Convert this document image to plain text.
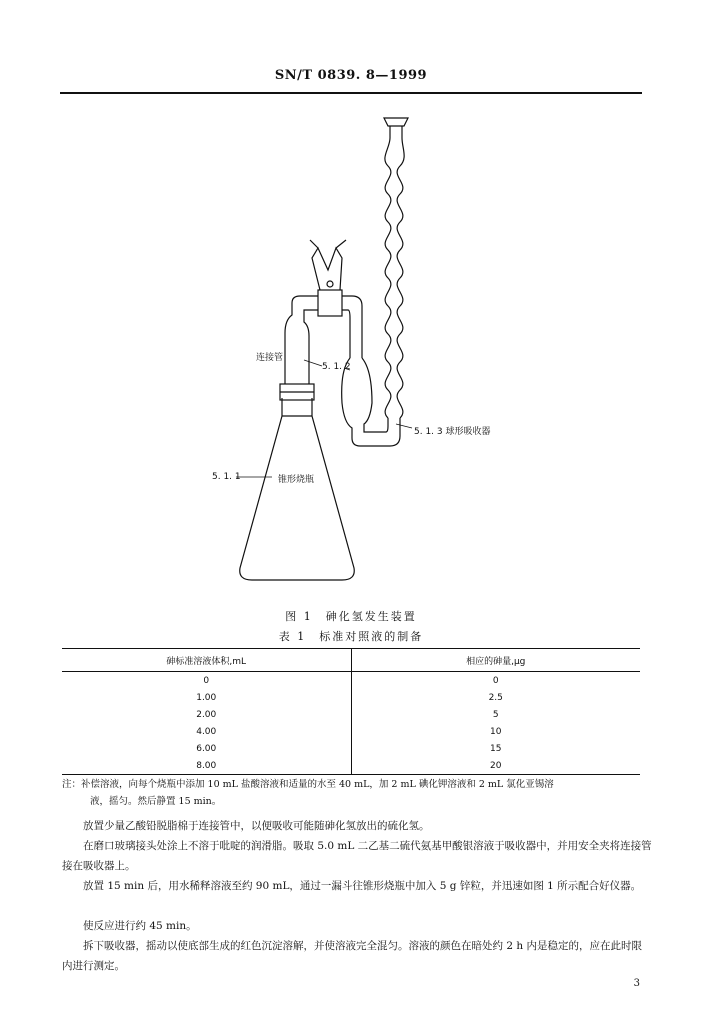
SN/T 0839. 8—1999
连接管
5. 1. 2
5. 1. 3 球形吸收器
5. 1. 1	锥形烧瓶
图 1　砷化氢发生装置
表 1　标准对照液的制备
砷标准溶液体积,mL	相应的砷量,μg
0	0
1.00	2.5
2.00	5
4.00	10
6.00	15
8.00	20
注：补偿溶液，向每个烧瓶中添加 10 mL 盐酸溶液和适量的水至 40 mL，加 2 mL 碘化钾溶液和 2 mL 氯化亚锡溶
液，摇匀。然后静置 15 min。
放置少量乙酸铅脱脂棉于连接管中，以便吸收可能随砷化氢放出的硫化氢。
在磨口玻璃接头处涂上不溶于吡啶的润滑脂。吸取 5.0 mL 二乙基二硫代氨基甲酸银溶液于吸收器中，并用安全夹将连接管接在吸收器上。
放置 15 min 后，用水稀释溶液至约 90 mL，通过一漏斗往锥形烧瓶中加入 5 g 锌粒，并迅速如图 1 所示配合好仪器。
使反应进行约 45 min。
拆下吸收器，摇动以使底部生成的红色沉淀溶解，并使溶液完全混匀。溶液的颜色在暗处约 2 h 内是稳定的，应在此时限内进行测定。
3
